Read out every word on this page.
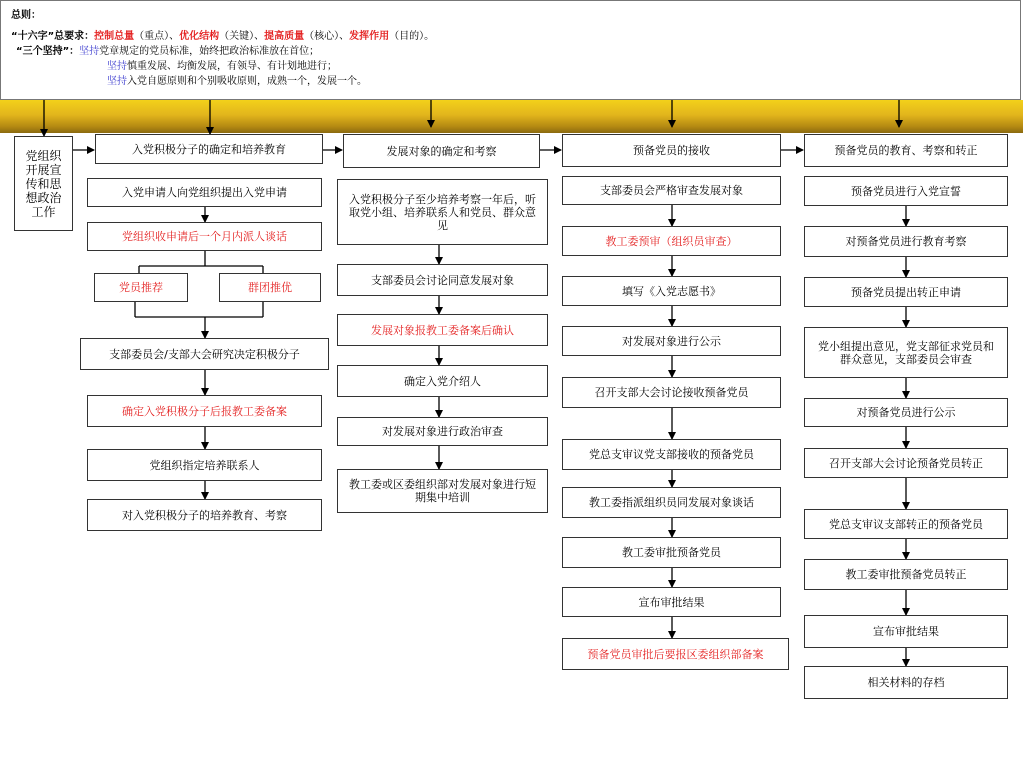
总则：
“十六字”总要求：控制总量（重点）、优化结构（关键）、提高质量（核心）、发挥作用（目的）。
“三个坚持”：坚持党章规定的党员标准，始终把政治标准放在首位；
坚持慎重发展、均衡发展，有领导、有计划地进行；
坚持入党自愿原则和个别吸收原则，成熟一个，发展一个。
党组织开展宣传和思想政治工作
入党积极分子的确定和培养教育
入党申请人向党组织提出入党申请
党组织收申请后一个月内派人谈话
党员推荐	群团推优
支部委员会/支部大会研究决定积极分子
确定入党积极分子后报教工委备案
党组织指定培养联系人
对入党积极分子的培养教育、考察
发展对象的确定和考察
入党积极分子至少培养考察一年后，听取党小组、培养联系人和党员、群众意见
支部委员会讨论同意发展对象
发展对象报教工委备案后确认
确定入党介绍人
对发展对象进行政治审查
教工委或区委组织部对发展对象进行短期集中培训
预备党员的接收
支部委员会严格审查发展对象
教工委预审（组织员审查）
填写《入党志愿书》
对发展对象进行公示
召开支部大会讨论接收预备党员
党总支审议党支部接收的预备党员
教工委指派组织员同发展对象谈话
教工委审批预备党员
宣布审批结果
预备党员审批后要报区委组织部备案
预备党员的教育、考察和转正
预备党员进行入党宣誓
对预备党员进行教育考察
预备党员提出转正申请
党小组提出意见，党支部征求党员和群众意见，支部委员会审查
对预备党员进行公示
召开支部大会讨论预备党员转正
党总支审议支部转正的预备党员
教工委审批预备党员转正
宣布审批结果
相关材料的存档
